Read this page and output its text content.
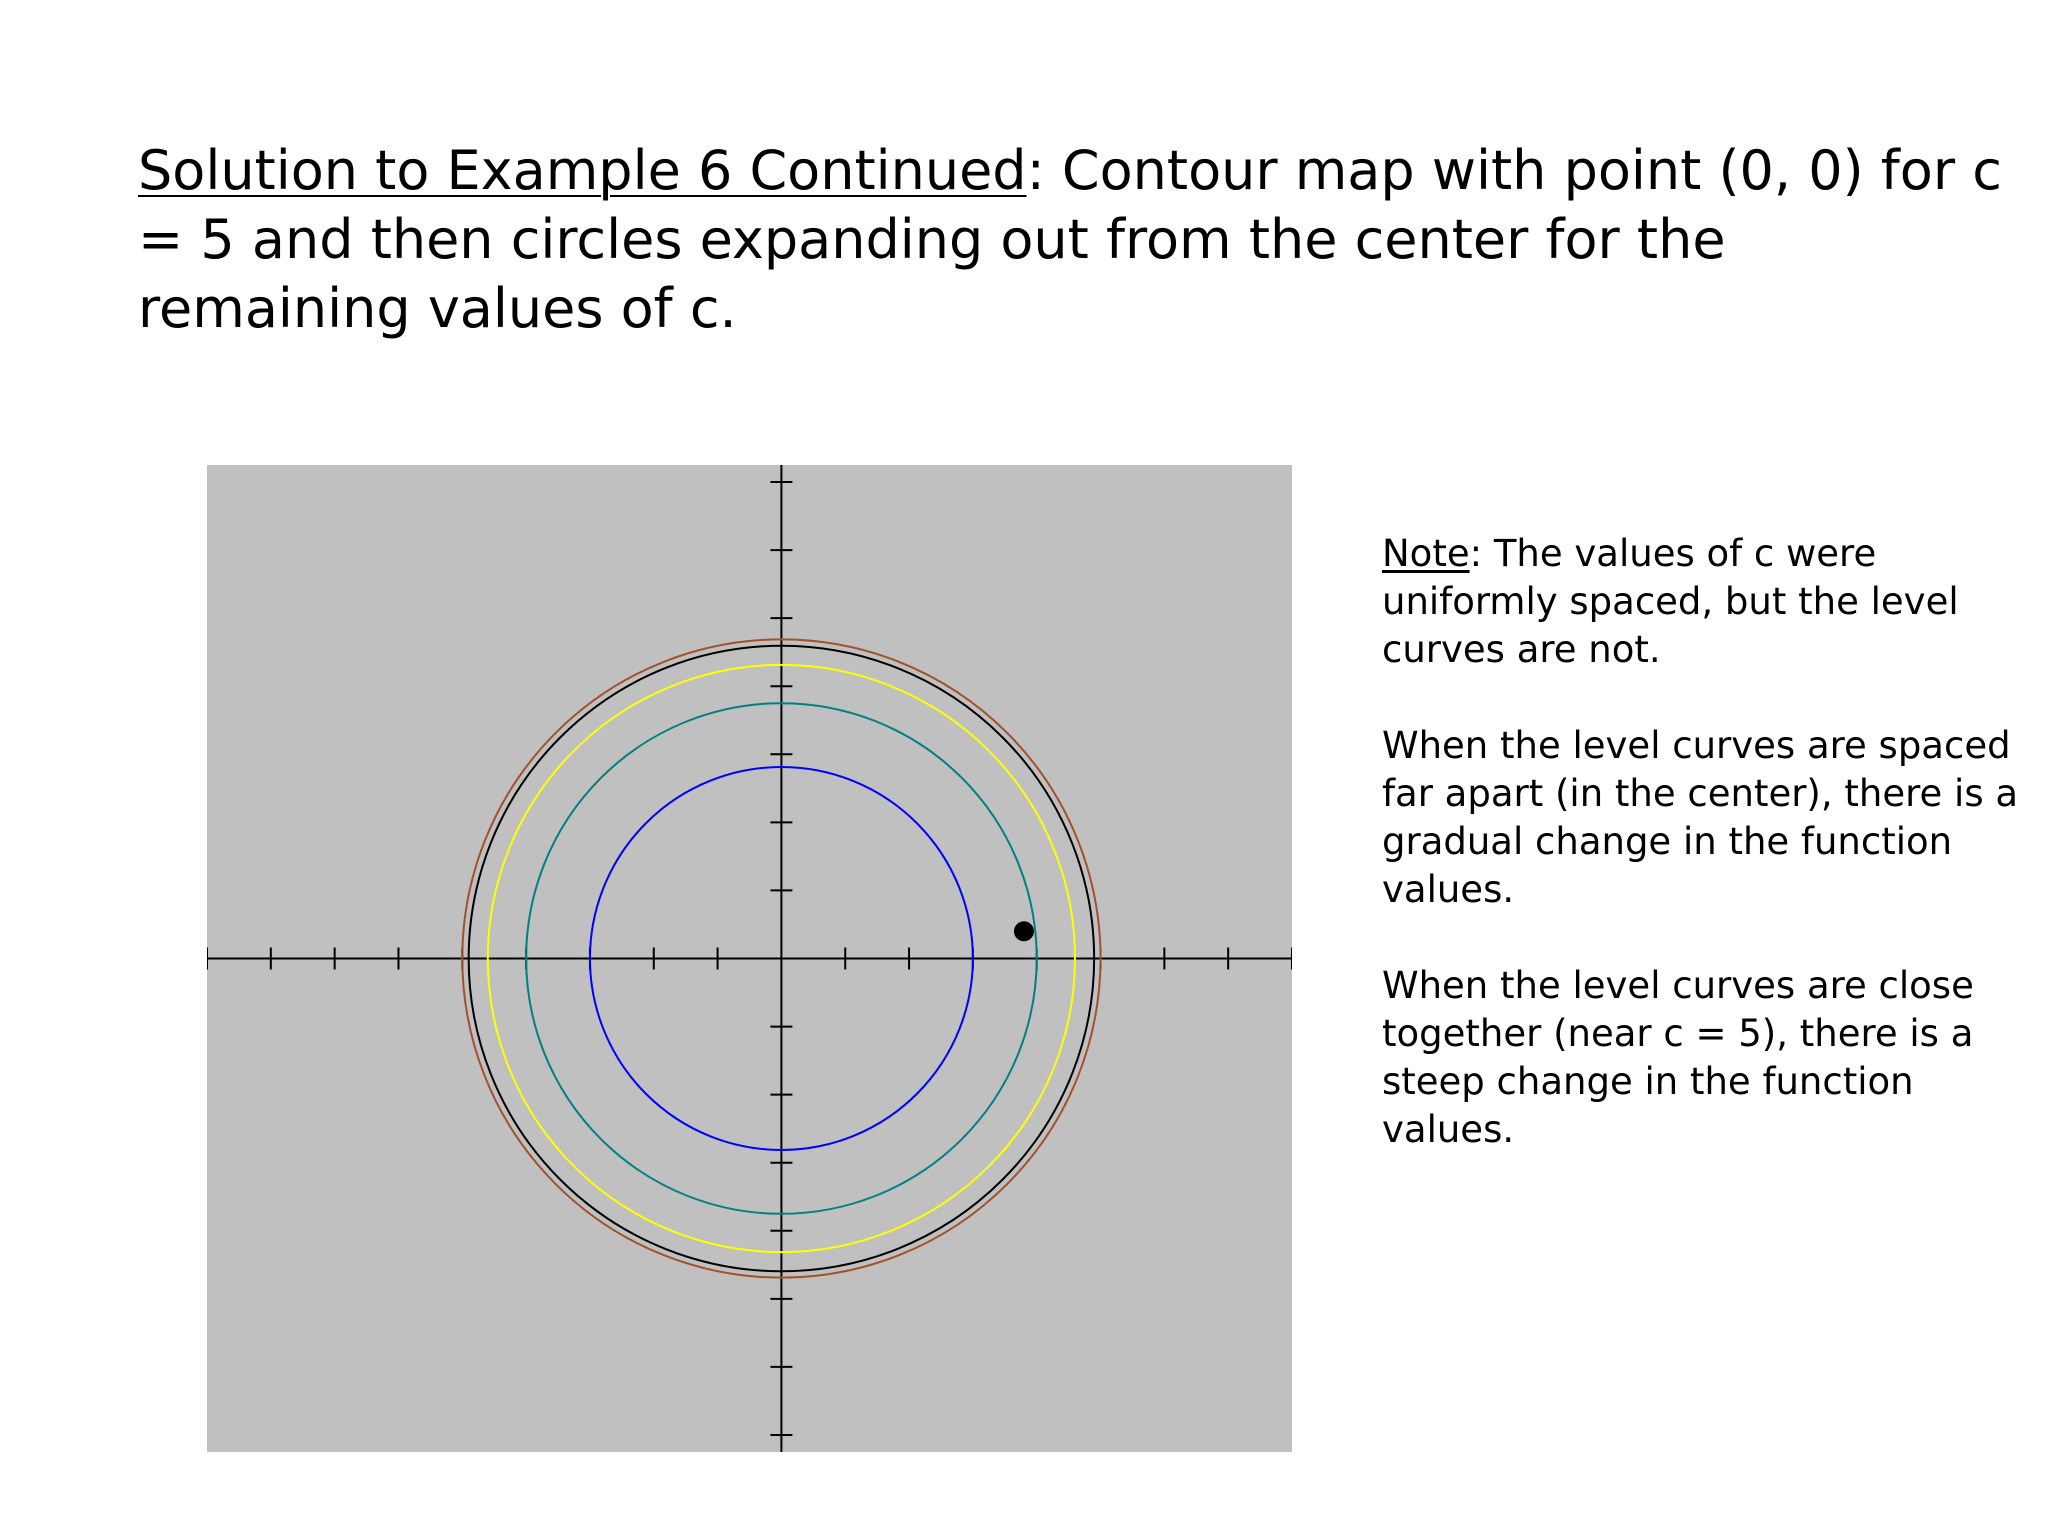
Solution to Example 6 Continued: Contour map with point (0, 0) for c = 5 and then circles expanding out from the center for the remaining values of c.

Note: The values of c were uniformly spaced, but the level curves are not.

When the level curves are spaced far apart (in the center), there is a gradual change in the function values.

When the level curves are close together (near c = 5), there is a steep change in the function values.
